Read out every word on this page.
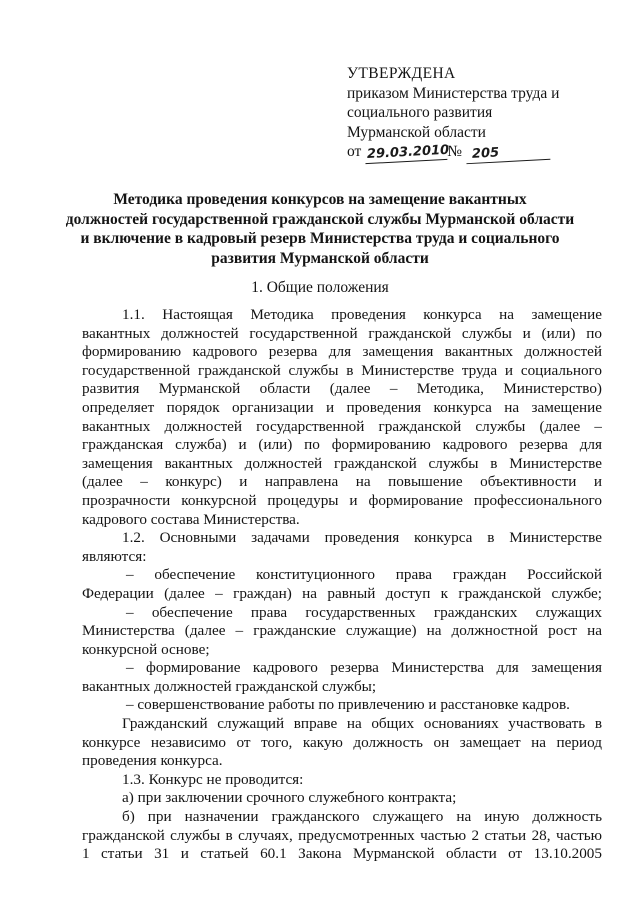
УТВЕРЖДЕНА
приказом Министерства труда и
социального развития
Мурманской области
от 29.03.2010№ 205
Методика проведения конкурсов на замещение вакантных
должностей государственной гражданской службы Мурманской области
и включение в кадровый резерв Министерства труда и социального
развития Мурманской области
1. Общие положения
1.1. Настоящая Методика проведения конкурса на замещение
вакантных должностей государственной гражданской службы и (или) по
формированию кадрового резерва для замещения вакантных должностей
государственной гражданской службы в Министерстве труда и социального
развития Мурманской области (далее – Методика, Министерство)
определяет порядок организации и проведения конкурса на замещение
вакантных должностей государственной гражданской службы (далее –
гражданская служба) и (или) по формированию кадрового резерва для
замещения вакантных должностей гражданской службы в Министерстве
(далее – конкурс) и направлена на повышение объективности и
прозрачности конкурсной процедуры и формирование профессионального
кадрового состава Министерства.
1.2. Основными задачами проведения конкурса в Министерстве
являются:
– обеспечение конституционного права граждан Российской
Федерации (далее – граждан) на равный доступ к гражданской службе;
– обеспечение права государственных гражданских служащих
Министерства (далее – гражданские служащие) на должностной рост на
конкурсной основе;
– формирование кадрового резерва Министерства для замещения
вакантных должностей гражданской службы;
– совершенствование работы по привлечению и расстановке кадров.
Гражданский служащий вправе на общих основаниях участвовать в
конкурсе независимо от того, какую должность он замещает на период
проведения конкурса.
1.3. Конкурс не проводится:
а) при заключении срочного служебного контракта;
б) при назначении гражданского служащего на иную должность
гражданской службы в случаях, предусмотренных частью 2 статьи 28, частью
1 статьи 31 и статьей 60.1 Закона Мурманской области от 13.10.2005
